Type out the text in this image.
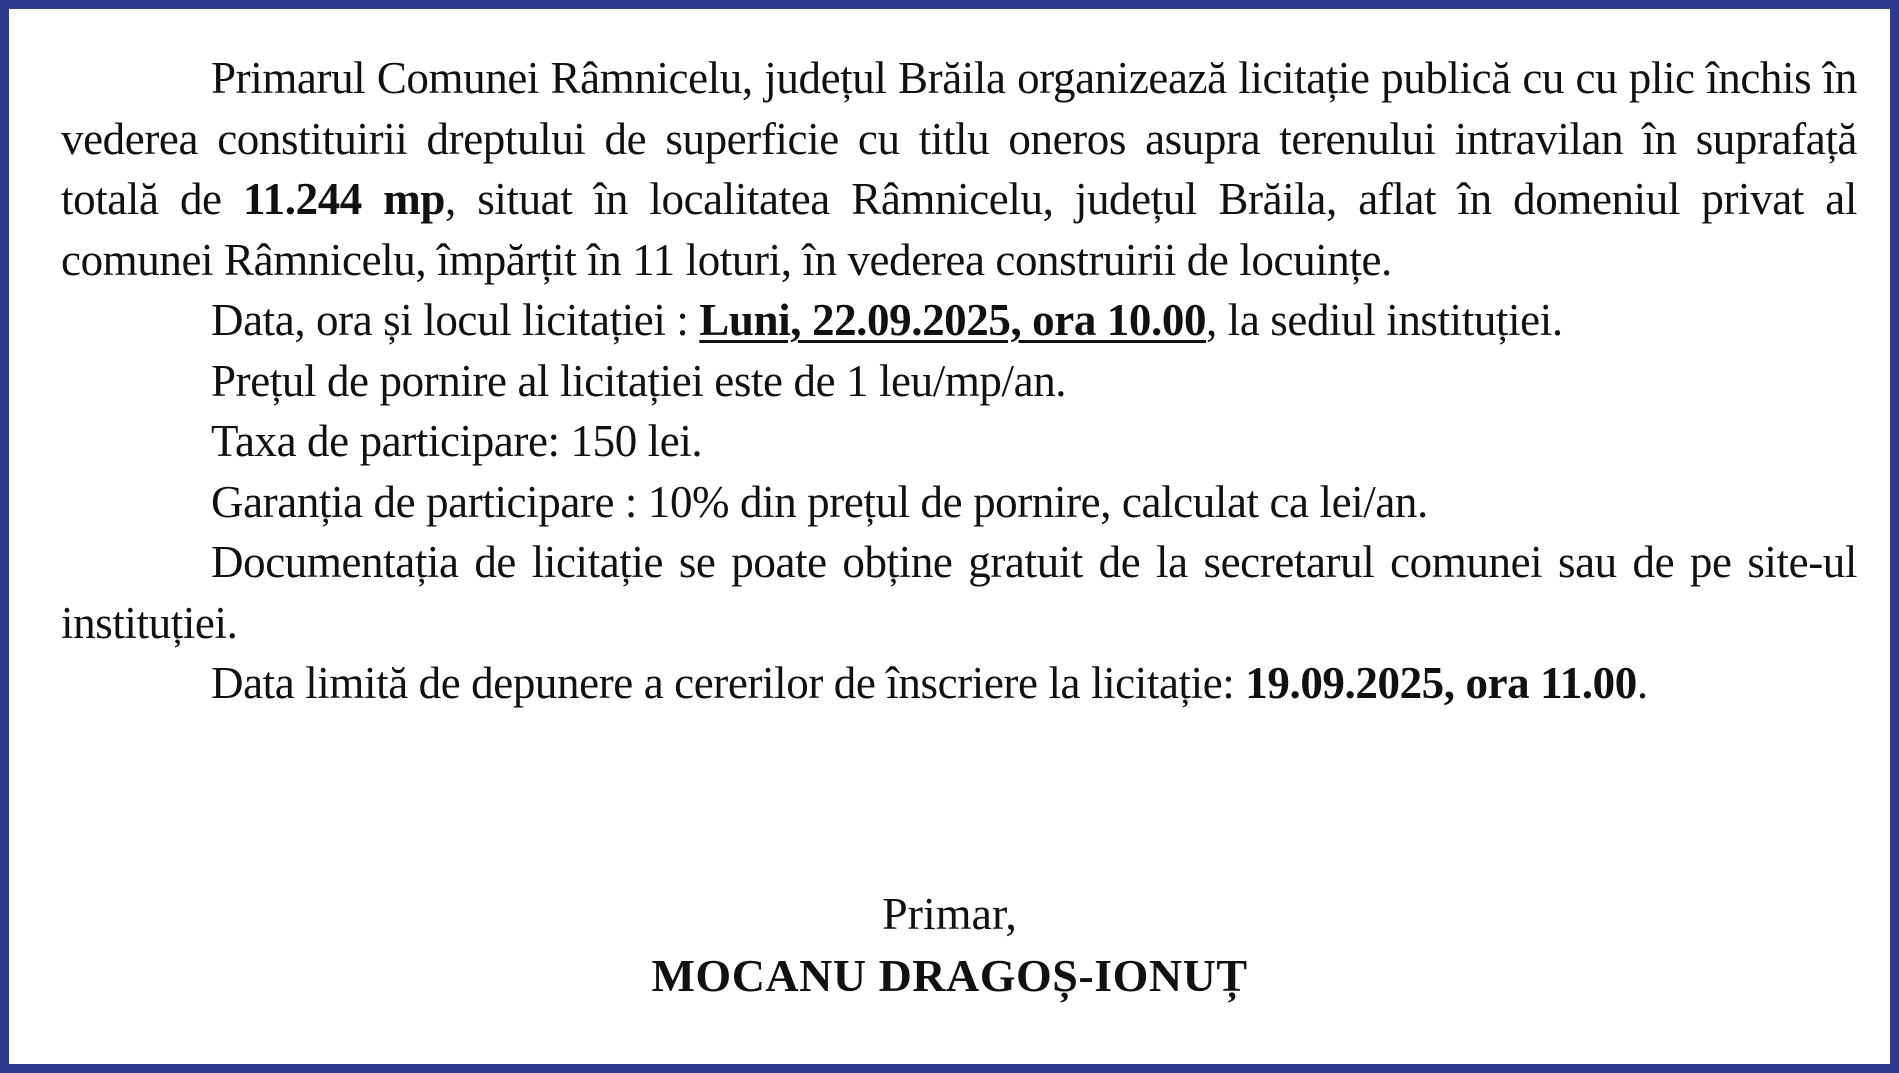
Primarul Comunei Râmnicelu, județul Brăila organizează licitație publică cu cu plic închis în vederea constituirii dreptului de superficie cu titlu oneros asupra terenului intravilan în suprafață totală de 11.244 mp, situat în localitatea Râmnicelu, județul Brăila, aflat în domeniul privat al comunei Râmnicelu, împărțit în 11 loturi, în vederea construirii de locuințe.

Data, ora și locul licitației : Luni, 22.09.2025, ora 10.00, la sediul instituției.

Prețul de pornire al licitației este de 1 leu/mp/an.

Taxa de participare: 150 lei.

Garanția de participare : 10% din prețul de pornire, calculat ca lei/an.

Documentația de licitație se poate obține gratuit de la secretarul comunei sau de pe site-ul instituției.

Data limită de depunere a cererilor de înscriere la licitație: 19.09.2025, ora 11.00.

Primar,
MOCANU DRAGOȘ-IONUȚ
